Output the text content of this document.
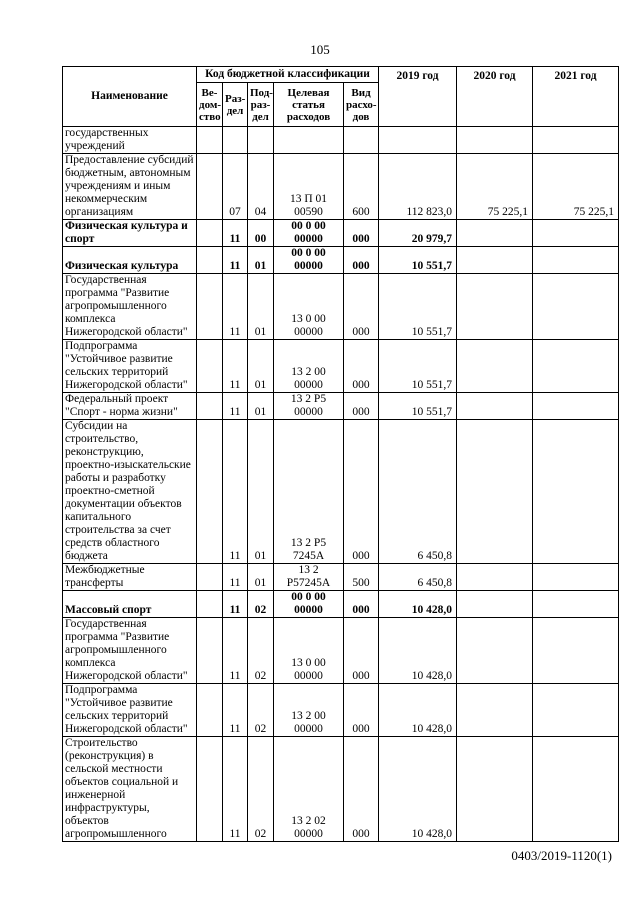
105
Наименование	Код бюджетной классификации					2019 год	2020 год	2021 год
	Ве-дом-ство	Раз-дел	Под-раз-дел	Целевая статья расходов	Вид расхо-дов			
государственных учреждений								
Предоставление субсидий бюджетным, автономным учреждениям и иным некоммерческим организациям		07	04	13 П 01 00590	600	112 823,0	75 225,1	75 225,1
Физическая культура и спорт		11	00	00 0 00 00000	000	20 979,7		
Физическая культура		11	01	00 0 00 00000	000	10 551,7		
Государственная программа "Развитие агропромышленного комплекса Нижегородской области"		11	01	13 0 00 00000	000	10 551,7		
Подпрограмма "Устойчивое развитие сельских территорий Нижегородской области"		11	01	13 2 00 00000	000	10 551,7		
Федеральный проект "Спорт - норма жизни"		11	01	13 2 P5 00000	000	10 551,7		
Субсидии на строительство, реконструкцию, проектно-изыскательские работы и разработку проектно-сметной документации объектов капитального строительства за счет средств областного бюджета		11	01	13 2 P5 7245A	000	6 450,8		
Межбюджетные трансферты		11	01	13 2 P57245A	500	6 450,8		
Массовый спорт		11	02	00 0 00 00000	000	10 428,0		
Государственная программа "Развитие агропромышленного комплекса Нижегородской области"		11	02	13 0 00 00000	000	10 428,0		
Подпрограмма "Устойчивое развитие сельских территорий Нижегородской области"		11	02	13 2 00 00000	000	10 428,0		
Строительство (реконструкция) в сельской местности объектов социальной и инженерной инфраструктуры, объектов агропромышленного		11	02	13 2 02 00000	000	10 428,0		
0403/2019-1120(1)
